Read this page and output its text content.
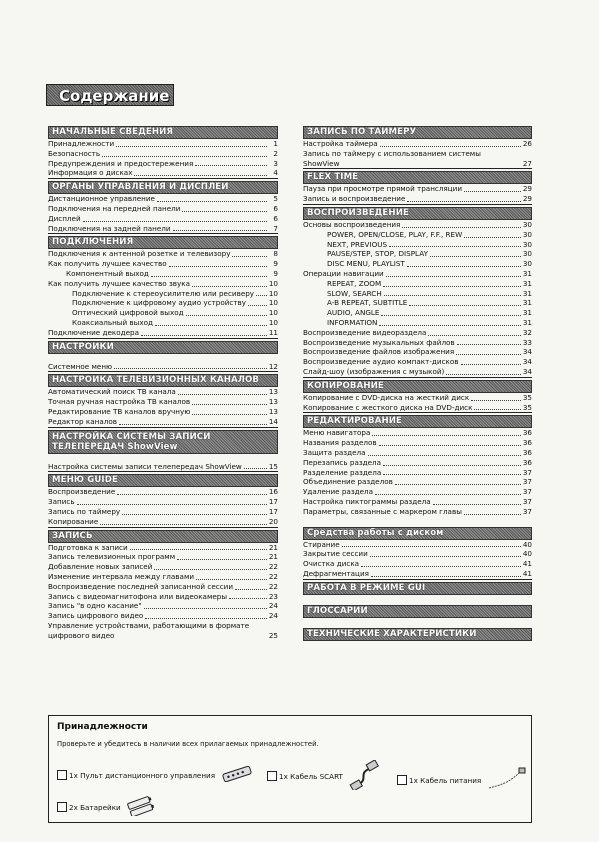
Содержание
НАЧАЛЬНЫЕ СВЕДЕНИЯ
Принадлежности	1
Безопасность	2
Предупреждения и предостережения	3
Информация о дисках	4
ОРГАНЫ УПРАВЛЕНИЯ И ДИСПЛЕЙ
Дистанционное управление	5
Подключения на передней панели	6
Дисплей	6
Подключения на задней панели	7
ПОДКЛЮЧЕНИЯ
Подключения к антенной розетке и телевизору	8
Как получить лучшее качество	9
Компонентный выход	9
Как получить лучшее качество звука	10
Подключение к стереоусилителю или ресиверу 10
Подключение к цифровому аудио устройству	10
Оптический цифровой выход	10
Коаксиальный выход	10
Подключение декодера	11
НАСТРОЙКИ
Системное меню	12
НАСТРОЙКА ТЕЛЕВИЗИОННЫХ КАНАЛОВ
Автоматический поиск ТВ канала	13
Точная ручная настройка ТВ каналов	13
Редактирование ТВ каналов вручную	13
Редактор каналов	14
НАСТРОЙКА СИСТЕМЫ ЗАПИСИ ТЕЛЕПЕРЕДАЧ ShowView
Настройка системы записи телепередач ShowView	15
МЕНЮ GUIDE
Воспроизведение	16
Запись	17
Запись по таймеру	17
Копирование	20
ЗАПИСЬ
Подготовка к записи	21
Запись телевизионных программ	21
Добавление новых записей	22
Изменение интервала между главами	22
Воспроизведение последней записанной сессии	22
Запись с видеомагнитофона или видеокамеры	23
Запись "в одно касание"	24
Запись цифрового видео	24
Управление устройствами, работающими в формате цифрового видео	25
ЗАПИСЬ ПО ТАЙМЕРУ
Настройка таймера	26
Запись по таймеру с использованием системы ShowView	27
FLEX TIME
Пауза при просмотре прямой трансляции	29
Запись и воспроизведение	29
ВОСПРОИЗВЕДЕНИЕ
Основы воспроизведения	30
POWER, OPEN/CLOSE, PLAY, F.F., REW	30
NEXT, PREVIOUS	30
PAUSE/STEP, STOP, DISPLAY	30
DISC MENU, PLAYLIST	30
Операции навигации	31
REPEAT, ZOOM	31
SLOW, SEARCH	31
A-B REPEAT, SUBTITLE	31
AUDIO, ANGLE	31
INFORMATION	31
Воспроизведение видеораздела	32
Воспроизведение музыкальных файлов	33
Воспроизведение файлов изображения	34
Воспроизведение аудио компакт-дисков	34
Слайд-шоу (изображения с музыкой)	34
КОПИРОВАНИЕ
Копирование с DVD-диска на жесткий диск	35
Копирование с жесткого диска на DVD-диск	35
РЕДАКТИРОВАНИЕ
Меню навигатора	36
Названия разделов	36
Защита раздела	36
Перезапись раздела	36
Разделение раздела	37
Объединение разделов	37
Удаление раздела	37
Настройка пиктограммы раздела	37
Параметры, связанные с маркером главы	37
Средства работы с диском
Стирание	40
Закрытие сессии	40
Очистка диска	41
Дефрагментация	41
РАБОТА В РЕЖИМЕ GUI
ГЛОССАРИЙ
ТЕХНИЧЕСКИЕ ХАРАКТЕРИСТИКИ
Принадлежности
Проверьте и убедитесь в наличии всех прилагаемых принадлежностей.
1x Пульт дистанционного управления	1x Кабель SCART	1x Кабель питания
2x Батарейки
